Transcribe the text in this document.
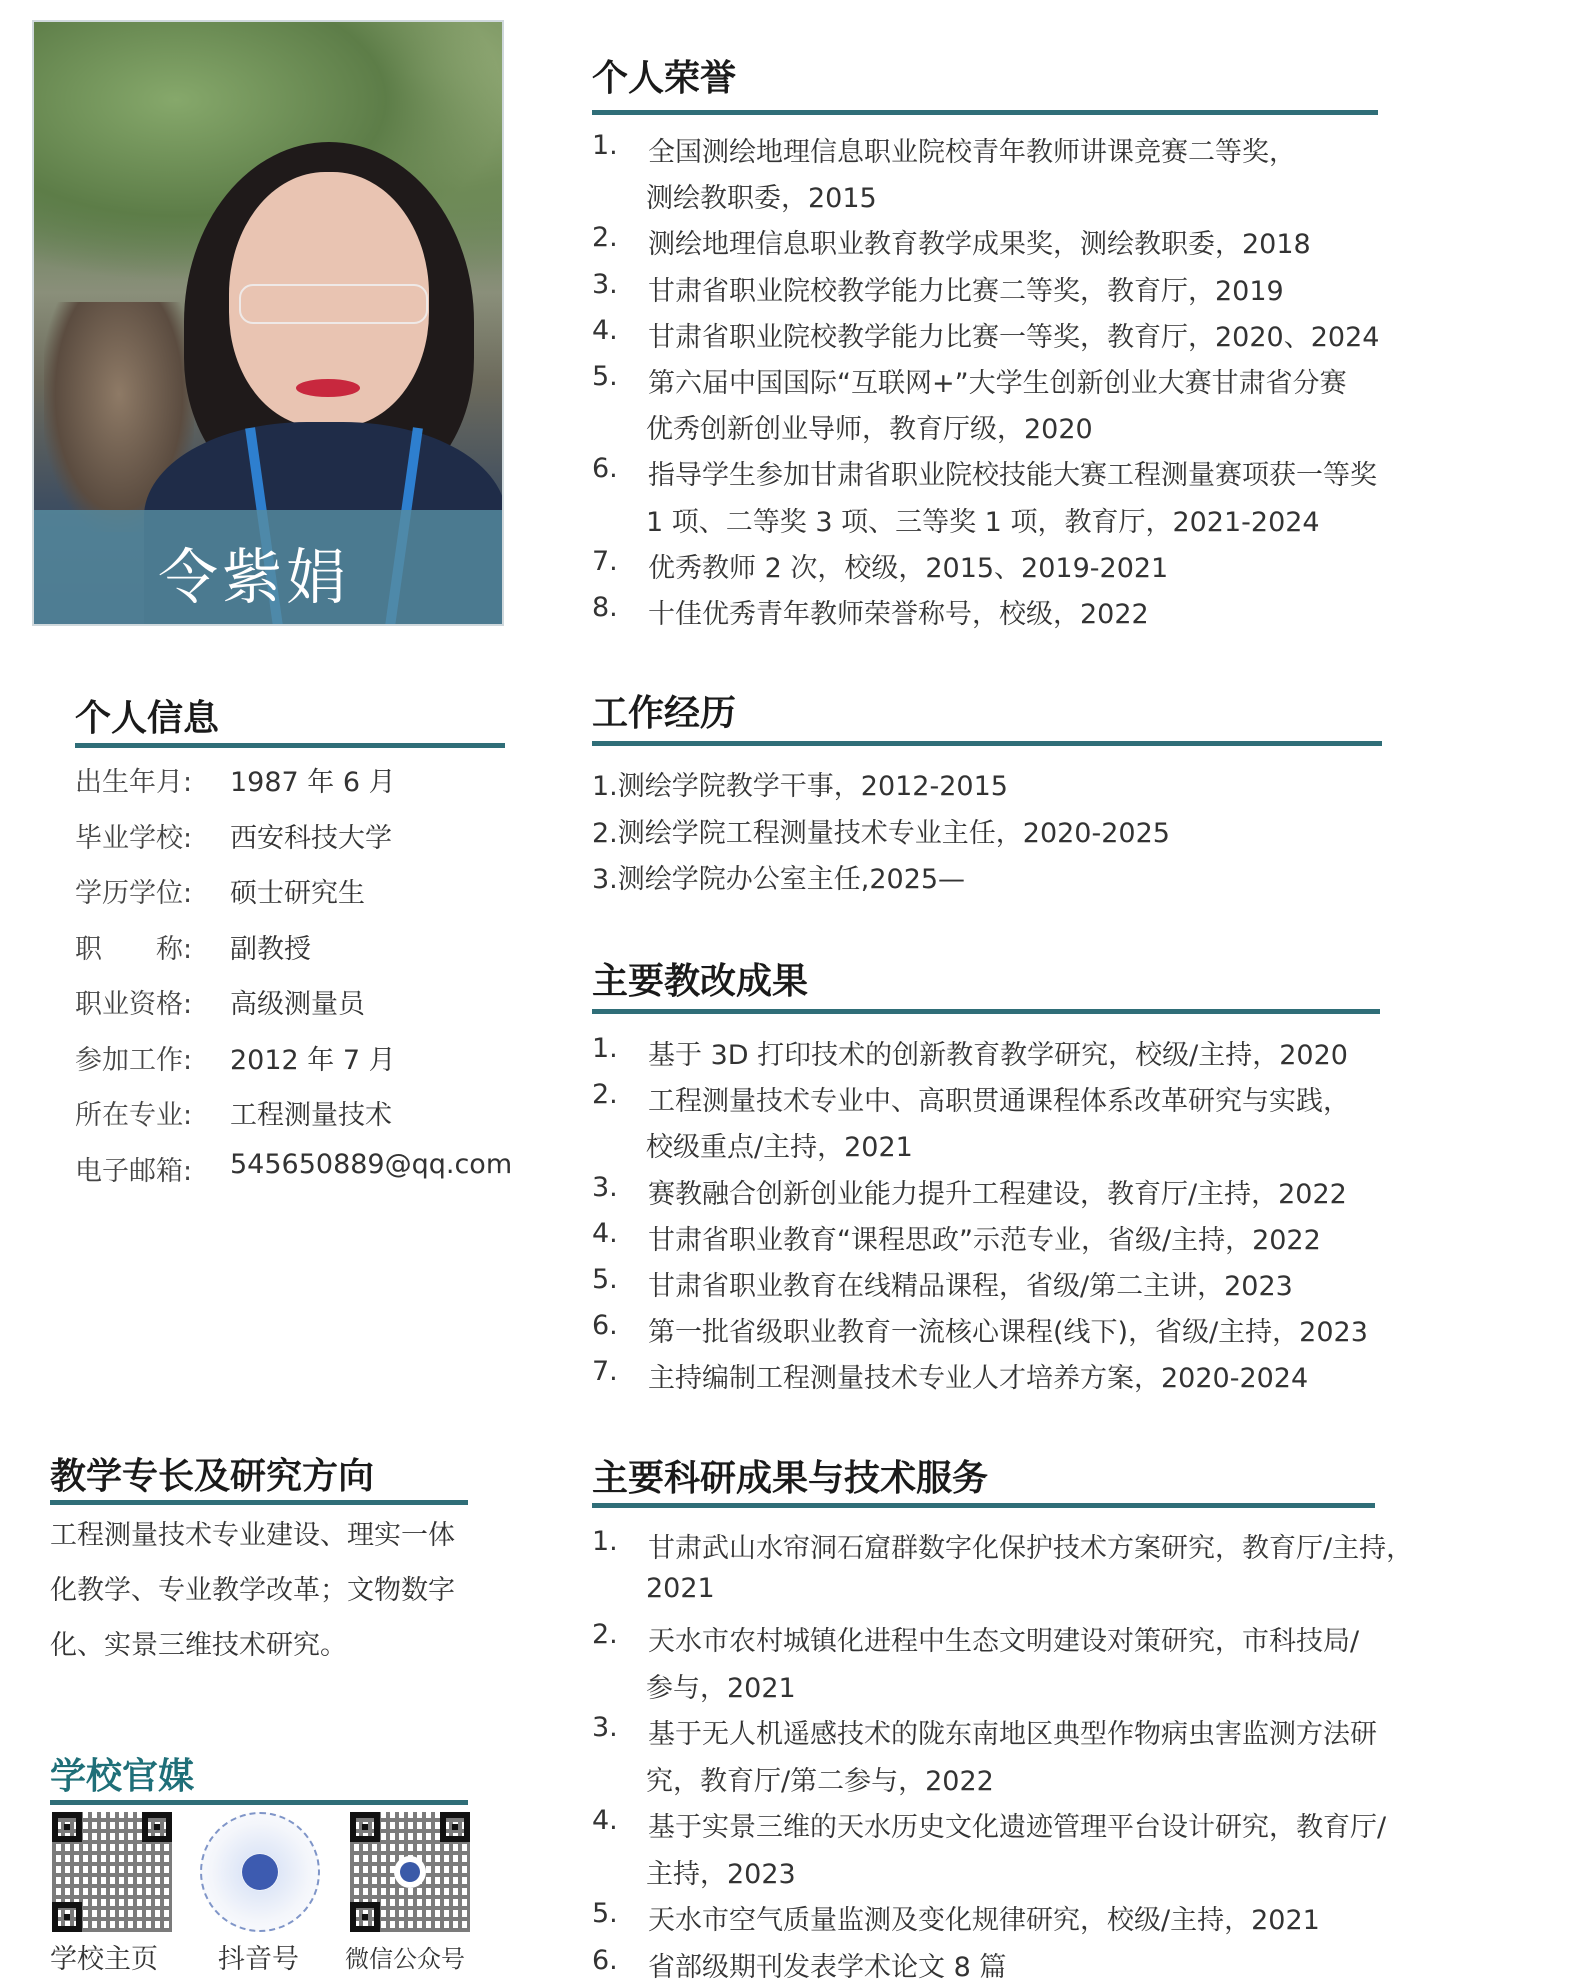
令紫娟
个人信息
出生年月: 1987 年 6 月
毕业学校: 西安科技大学
学历学位: 硕士研究生
职　　称: 副教授
职业资格: 高级测量员
参加工作: 2012 年 7 月
所在专业: 工程测量技术
电子邮箱: 545650889@qq.com
教学专长及研究方向
工程测量技术专业建设、理实一体
化教学、专业教学改革；文物数字
化、实景三维技术研究。
学校官媒
学校主页 抖音号 微信公众号
个人荣誉
1. 全国测绘地理信息职业院校青年教师讲课竞赛二等奖，
测绘教职委，2015
2. 测绘地理信息职业教育教学成果奖，测绘教职委，2018
3. 甘肃省职业院校教学能力比赛二等奖，教育厅，2019
4. 甘肃省职业院校教学能力比赛一等奖，教育厅，2020、2024
5. 第六届中国国际“互联网+”大学生创新创业大赛甘肃省分赛
优秀创新创业导师，教育厅级，2020
6. 指导学生参加甘肃省职业院校技能大赛工程测量赛项获一等奖
1 项、二等奖 3 项、三等奖 1 项，教育厅，2021-2024
7. 优秀教师 2 次，校级，2015、2019-2021
8. 十佳优秀青年教师荣誉称号，校级，2022
工作经历
1.测绘学院教学干事，2012-2015
2.测绘学院工程测量技术专业主任，2020-2025
3.测绘学院办公室主任,2025—
主要教改成果
1. 基于 3D 打印技术的创新教育教学研究，校级/主持，2020
2. 工程测量技术专业中、高职贯通课程体系改革研究与实践，
校级重点/主持，2021
3. 赛教融合创新创业能力提升工程建设，教育厅/主持，2022
4. 甘肃省职业教育“课程思政”示范专业，省级/主持，2022
5. 甘肃省职业教育在线精品课程，省级/第二主讲，2023
6. 第一批省级职业教育一流核心课程(线下)，省级/主持，2023
7. 主持编制工程测量技术专业人才培养方案，2020-2024
主要科研成果与技术服务
1. 甘肃武山水帘洞石窟群数字化保护技术方案研究，教育厅/主持，
2021
2. 天水市农村城镇化进程中生态文明建设对策研究，市科技局/
参与，2021
3. 基于无人机遥感技术的陇东南地区典型作物病虫害监测方法研
究，教育厅/第二参与，2022
4. 基于实景三维的天水历史文化遗迹管理平台设计研究，教育厅/
主持，2023
5. 天水市空气质量监测及变化规律研究，校级/主持，2021
6. 省部级期刊发表学术论文 8 篇
